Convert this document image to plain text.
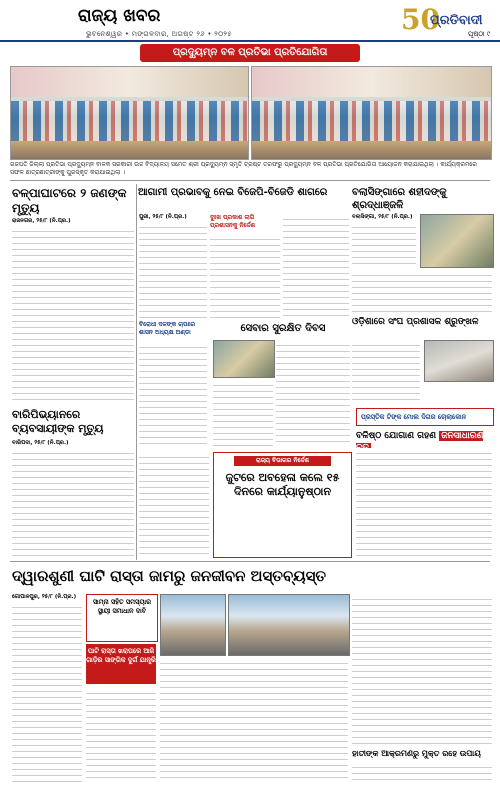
ରାଜ୍ୟ ଖବର
ଭୁବନେଶ୍ୱର • ମଙ୍ଗଳବାର, ଅଗଷ୍ଟ ୨୬ • ୨୦୨୫	50
ପ୍ରତିବାଦୀ
ପୃଷ୍ଠା ୯
ପ୍ରଦ୍ୟୁମ୍ନ ବଳ ପ୍ରତିଭା ପ୍ରତିଯୋଗିତା
ଗଜପତି ଜିଲ୍ଲା ପ୍ରତିଭା ପ୍ରଦ୍ୟୁମ୍ନ ବାଳକ ସରକାରୀ ଉଚ୍ଚ ବିଦ୍ୟାଳୟ ସମେତ ଶ୍ରୀ ପ୍ରଦ୍ୟୁମ୍ନ ସ୍ମୃତି ଟ୍ରଷ୍ଟ ତରଫରୁ ପ୍ରଦ୍ୟୁମ୍ନ ବଳ ପ୍ରତିଭା ପ୍ରତିଯୋଗିତା ଆୟୋଜନ କରାଯାଇଥିଲା । କାର୍ଯ୍ୟକ୍ରମରେ ସଫଳ ଛାତ୍ରଛାତ୍ରୀଙ୍କୁ ପୁରସ୍କୃତ କରାଯାଇଥିଲା ।
ବଳ୍ପାଘାଟରେ ୨ ଜଣଙ୍କ ମୃତ୍ୟୁ
ଆଗାମୀ ପ୍ରଭାବକୁ ନେଇ ବିଜେପି-ବିଜେଡି ଶାଗରେ	ବଲାସିଙ୍ଗାରେ ଶହୀଦଙ୍କୁ ଶ୍ରଦ୍ଧାଞ୍ଜଳି
ରାଜନଗର, ୨୫/୮ (ନି.ପ୍ର.)
ବାରିପିଭ୍ୟାନରେ ବ୍ୟବସାୟୀଙ୍କ ମୃତ୍ୟୁ
ବାରିପଦା, ୨୫/୮ (ନି.ପ୍ର.)
ପୁରୀ, ୨୫/୮ (ନି.ପ୍ର.)	ଦୁଃଖ ପ୍ରକାଶ ଲାଗି ପ୍ରଶାସନକୁ ନିର୍ଦ୍ଦେଶ
ବିରୋଧୀ ଦଳଙ୍କ ଚାପରେ ଶାସନ ଅଧ୍ୟକ୍ଷ ଅଣ୍ଡା	ସେବାର ସୁରକ୍ଷିତ ଦିବସ
ବଲାସିଙ୍ଗା, ୨୫/୮ (ନି.ପ୍ର.)
ଓଡ଼ିଶାରେ ସଂଘ ପ୍ରଶାସକ ଶ୍ରୁଙ୍ଖଳ
ରାଜ୍ୟ ବିଭାଗର ନିର୍ଦ୍ଦେଶ
ଜୁଟରେ ଅବହେଳା କଲେ ୧୫ ଦିନରେ କାର୍ଯ୍ୟାନୁଷ୍ଠାନ
ପ୍ରସ୍ତିକ ଟିଙ୍କ ମୋଲ ଦିଗର ଚୋଲାକୋନ
ବଳିଷ୍ଠ ଯୋଗାଣ ଗହଣ ଜନସାଧାରଣ
ଦ୍ୱାରଶୁଣୀ ଘାଟି ରାସ୍ତା ଜାମରୁ ଜନଜୀବନ ଅସ୍ତବ୍ୟସ୍ତ
ଗୋପାଳପୁର, ୨୫/୮ (ନି.ପ୍ର.)
ସାମ୍ନା ସହିତ ସମସ୍ୟାର ସ୍ଥାୟୀ ସମାଧାନ ଦାବି
ଘାଟି ରାସ୍ତା ଖରାପରେ ଆଜି ଗାଡ଼ିର ସାଙ୍ଗିକ ଦୁର୍ଗ ଯାନ୍ତ୍ରି
ହାତୀଙ୍କ ଆକ୍ରମଣରୁ ମୁକ୍ତ ରହେ ଉପାୟ
